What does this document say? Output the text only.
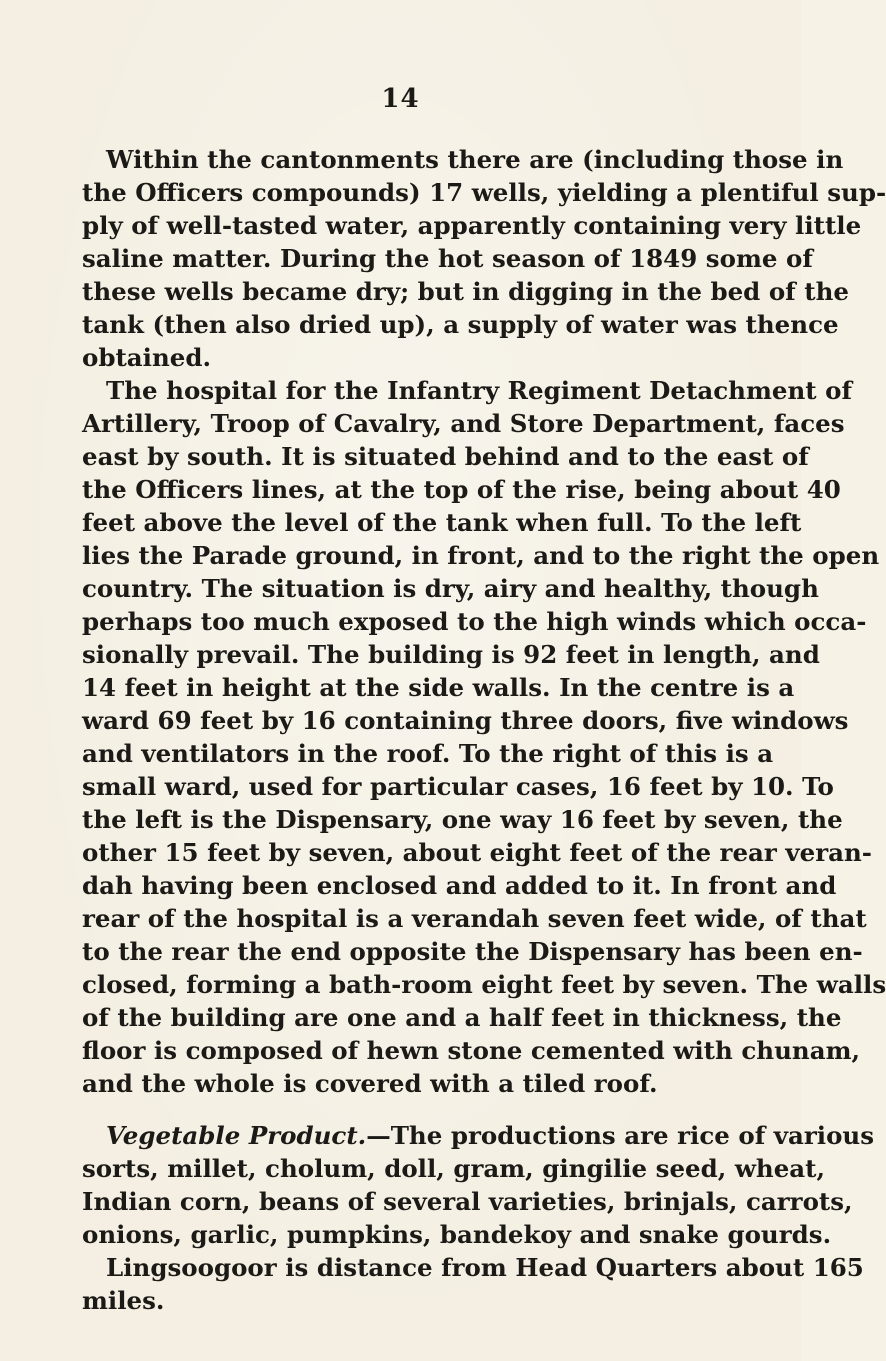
14
Within the cantonments there are (including those in
the Officers compounds) 17 wells, yielding a plentiful sup-
ply of well-tasted water, apparently containing very little
saline matter. During the hot season of 1849 some of
these wells became dry; but in digging in the bed of the
tank (then also dried up), a supply of water was thence
obtained.
The hospital for the Infantry Regiment Detachment of
Artillery, Troop of Cavalry, and Store Department, faces
east by south. It is situated behind and to the east of
the Officers lines, at the top of the rise, being about 40
feet above the level of the tank when full. To the left
lies the Parade ground, in front, and to the right the open
country. The situation is dry, airy and healthy, though
perhaps too much exposed to the high winds which occa-
sionally prevail. The building is 92 feet in length, and
14 feet in height at the side walls. In the centre is a
ward 69 feet by 16 containing three doors, five windows
and ventilators in the roof. To the right of this is a
small ward, used for particular cases, 16 feet by 10. To
the left is the Dispensary, one way 16 feet by seven, the
other 15 feet by seven, about eight feet of the rear veran-
dah having been enclosed and added to it. In front and
rear of the hospital is a verandah seven feet wide, of that
to the rear the end opposite the Dispensary has been en-
closed, forming a bath-room eight feet by seven. The walls
of the building are one and a half feet in thickness, the
floor is composed of hewn stone cemented with chunam,
and the whole is covered with a tiled roof.
Vegetable Product.—The productions are rice of various
sorts, millet, cholum, doll, gram, gingilie seed, wheat,
Indian corn, beans of several varieties, brinjals, carrots,
onions, garlic, pumpkins, bandekoy and snake gourds.
Lingsoogoor is distance from Head Quarters about 165
miles.
